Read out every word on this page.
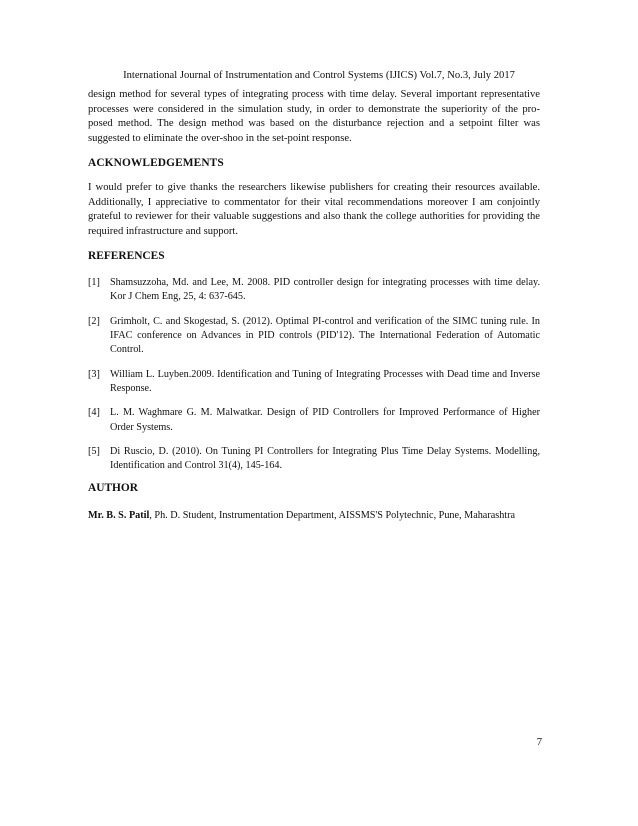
International Journal of Instrumentation and Control Systems (IJICS) Vol.7, No.3, July 2017
design method for several types of integrating process with time delay. Several important representative processes were considered in the simulation study, in order to demonstrate the superiority of the pro- posed method. The design method was based on the disturbance rejection and a setpoint filter was suggested to eliminate the over-shoo in the set-point response.
ACKNOWLEDGEMENTS
I would prefer to give thanks the researchers likewise publishers for creating their resources available. Additionally, I appreciative to commentator for their vital recommendations moreover I am conjointly grateful to reviewer for their valuable suggestions and also thank the college authorities for providing the required infrastructure and support.
REFERENCES
[1] Shamsuzzoha, Md. and Lee, M. 2008. PID controller design for integrating processes with time delay. Kor J Chem Eng, 25, 4: 637-645.
[2] Grimholt, C. and Skogestad, S. (2012). Optimal PI-control and verification of the SIMC tuning rule. In IFAC conference on Advances in PID controls (PID'12). The International Federation of Automatic Control.
[3] William L. Luyben.2009. Identification and Tuning of Integrating Processes with Dead time and Inverse Response.
[4] L. M. Waghmare G. M. Malwatkar. Design of PID Controllers for Improved Performance of Higher Order Systems.
[5] Di Ruscio, D. (2010). On Tuning PI Controllers for Integrating Plus Time Delay Systems. Modelling, Identification and Control 31(4), 145-164.
AUTHOR
Mr. B. S. Patil, Ph. D. Student, Instrumentation Department, AISSMS'S Polytechnic, Pune, Maharashtra
7
